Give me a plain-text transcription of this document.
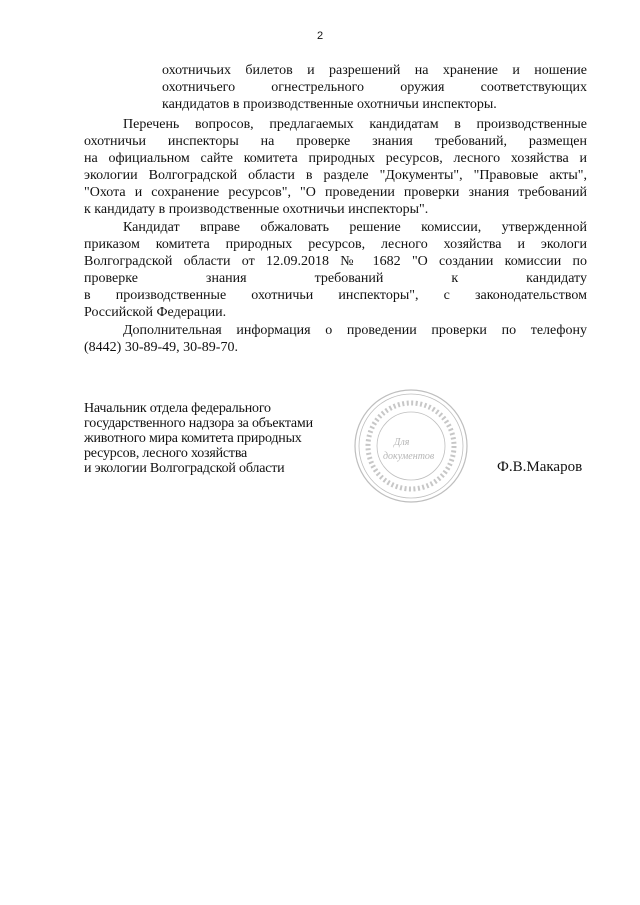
2
охотничьих билетов и разрешений на хранение и ношение
охотничьего огнестрельного оружия соответствующих
кандидатов в производственные охотничьи инспекторы.
Перечень вопросов, предлагаемых кандидатам в производственные
охотничьи инспекторы на проверке знания требований, размещен
на официальном сайте комитета природных ресурсов, лесного хозяйства и
экологии Волгоградской области в разделе "Документы", "Правовые акты",
"Охота и сохранение ресурсов", "О проведении проверки знания требований
к кандидату в производственные охотничьи инспекторы".
Кандидат вправе обжаловать решение комиссии, утвержденной
приказом комитета природных ресурсов, лесного хозяйства и экологи
Волгоградской области от 12.09.2018 № 1682 "О создании комиссии по
проверке знания требований к кандидату
в производственные охотничьи инспекторы", с законодательством
Российской Федерации.
Дополнительная информация о проведении проверки по телефону
(8442) 30-89-49, 30-89-70.
Начальник отдела федерального
государственного надзора за объектами
животного мира комитета природных
ресурсов, лесного хозяйства
и экологии Волгоградской области
Для
документов
Ф.В.Макаров
